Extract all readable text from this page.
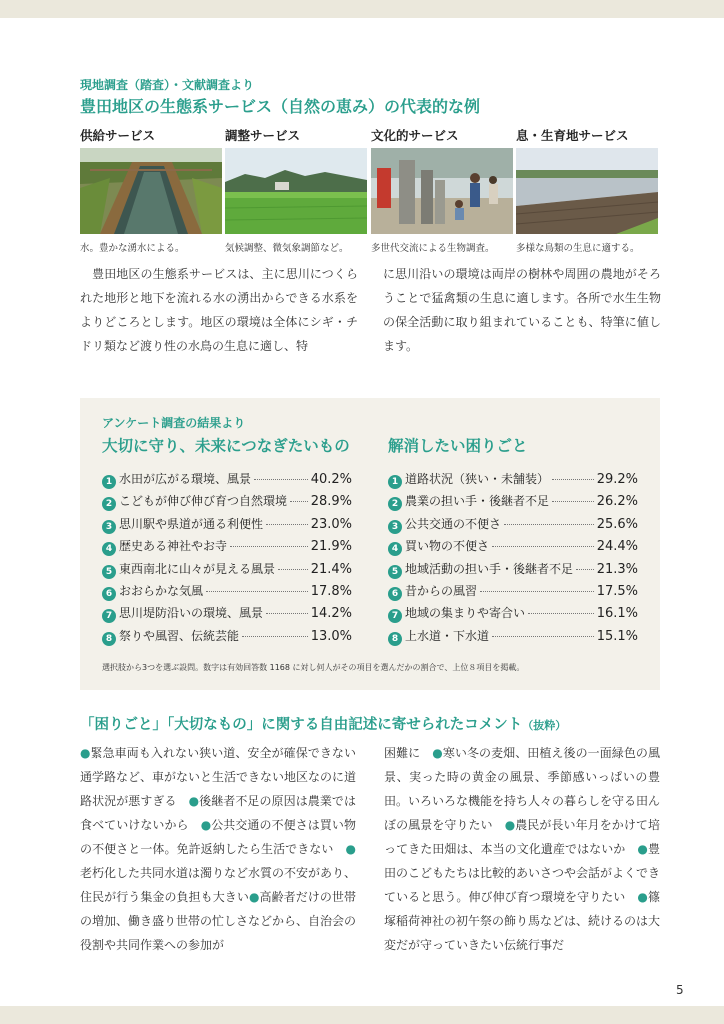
現地調査（踏査）・文献調査より
豊田地区の生態系サービス（自然の恵み）の代表的な例
供給サービス
水。豊かな湧水による。
調整サービス
気候調整、微気象調節など。
文化的サービス
多世代交流による生物調査。
息・生育地サービス
多様な鳥類の生息に適する。
　豊田地区の生態系サービスは、主に思川につくられた地形と地下を流れる水の湧出からできる水系をよりどころとします。地区の環境は全体にシギ・チドリ類など渡り性の水鳥の生息に適し、特
に思川沿いの環境は両岸の樹林や周囲の農地がそろうことで猛禽類の生息に適します。各所で水生生物の保全活動に取り組まれていることも、特筆に値します。
アンケート調査の結果より
大切に守り、未来につなぎたいもの 解消したい困りごと
1 水田が広がる環境、風景	40.2%
2 こどもが伸び伸び育つ自然環境 28.9%
3 思川駅や県道が通る利便性	23.0%
4 歴史ある神社やお寺	21.9%
5 東西南北に山々が見える風景	21.4%
6 おおらかな気風	17.8%
7 思川堤防沿いの環境、風景	14.2%
8 祭りや風習、伝統芸能	13.0%
1 道路状況（狭い・未舗装）	29.2%
2 農業の担い手・後継者不足	26.2%
3 公共交通の不便さ	25.6%
4 買い物の不便さ	24.4%
5 地域活動の担い手・後継者不足 21.3%
6 昔からの風習	17.5%
7 地域の集まりや寄合い	16.1%
8 上水道・下水道	15.1%
選択肢から3つを選ぶ設問。数字は有効回答数 1168 に対し何人がその項目を選んだかの割合で、上位８項目を掲載。
「困りごと」「大切なもの」に関する自由記述に寄せられたコメント（抜粋）
●緊急車両も入れない狭い道、安全が確保できない通学路など、車がないと生活できない地区なのに道路状況が悪すぎる　●後継者不足の原因は農業では食べていけないから　●公共交通の不便さは買い物の不便さと一体。免許返納したら生活できない　●老朽化した共同水道は濁りなど水質の不安があり、住民が行う集金の負担も大きい●高齢者だけの世帯の増加、働き盛り世帯の忙しさなどから、自治会の役割や共同作業への参加が
困難に　●寒い冬の麦畑、田植え後の一面緑色の風景、実った時の黄金の風景、季節感いっぱいの豊田。いろいろな機能を持ち人々の暮らしを守る田んぼの風景を守りたい　●農民が長い年月をかけて培ってきた田畑は、本当の文化遺産ではないか　●豊田のこどもたちは比較的あいさつや会話がよくできていると思う。伸び伸び育つ環境を守りたい　●篠塚稲荷神社の初午祭の飾り馬などは、続けるのは大変だが守っていきたい伝統行事だ
5
